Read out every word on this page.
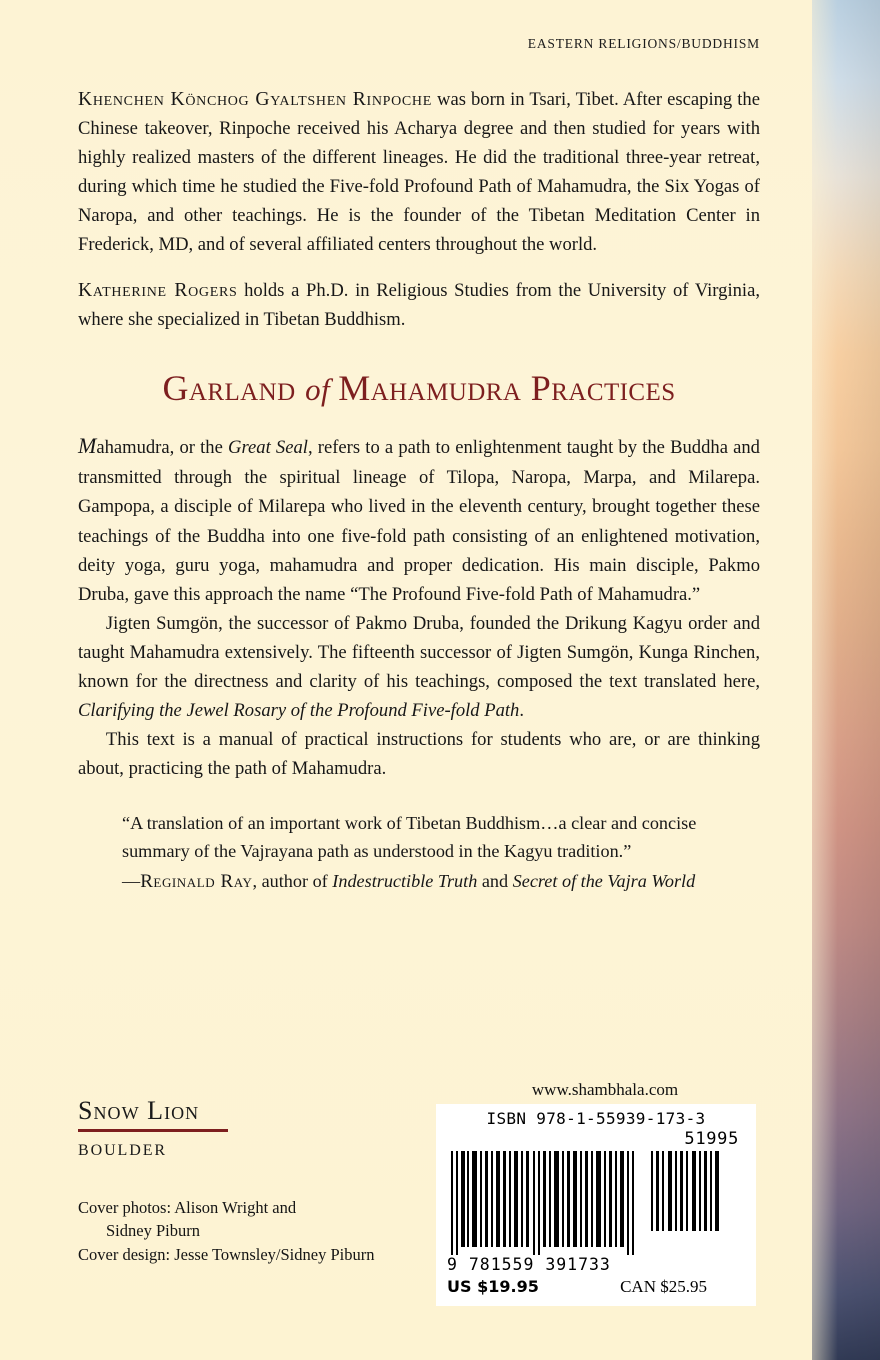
EASTERN RELIGIONS/BUDDHISM

Khenchen Könchog Gyaltshen Rinpoche was born in Tsari, Tibet. After escaping the Chinese takeover, Rinpoche received his Acharya degree and then studied for years with highly realized masters of the different lineages. He did the traditional three-year retreat, during which time he studied the Five-fold Profound Path of Mahamudra, the Six Yogas of Naropa, and other teachings. He is the founder of the Tibetan Meditation Center in Frederick, MD, and of several affiliated centers throughout the world.

Katherine Rogers holds a Ph.D. in Religious Studies from the University of Virginia, where she specialized in Tibetan Buddhism.

Garland of Mahamudra Practices

Mahamudra, or the Great Seal, refers to a path to enlightenment taught by the Buddha and transmitted through the spiritual lineage of Tilopa, Naropa, Marpa, and Milarepa. Gampopa, a disciple of Milarepa who lived in the eleventh century, brought together these teachings of the Buddha into one five-fold path consisting of an enlightened motivation, deity yoga, guru yoga, mahamudra and proper dedication. His main disciple, Pakmo Druba, gave this approach the name “The Profound Five-fold Path of Mahamudra.”

Jigten Sumgön, the successor of Pakmo Druba, founded the Drikung Kagyu order and taught Mahamudra extensively. The fifteenth successor of Jigten Sumgön, Kunga Rinchen, known for the directness and clarity of his teachings, composed the text translated here, Clarifying the Jewel Rosary of the Profound Five-fold Path.

This text is a manual of practical instructions for students who are, or are thinking about, practicing the path of Mahamudra.

“A translation of an important work of Tibetan Buddhism…a clear and concise summary of the Vajrayana path as understood in the Kagyu tradition.”
—Reginald Ray, author of Indestructible Truth and Secret of the Vajra World
www.shambhala.com
Snow Lion
BOULDER
Cover photos: Alison Wright and
Sidney Piburn
Cover design: Jesse Townsley/Sidney Piburn
ISBN 978-1-55939-173-3
51995
9 781559 391733
US $19.95	CAN $25.95
